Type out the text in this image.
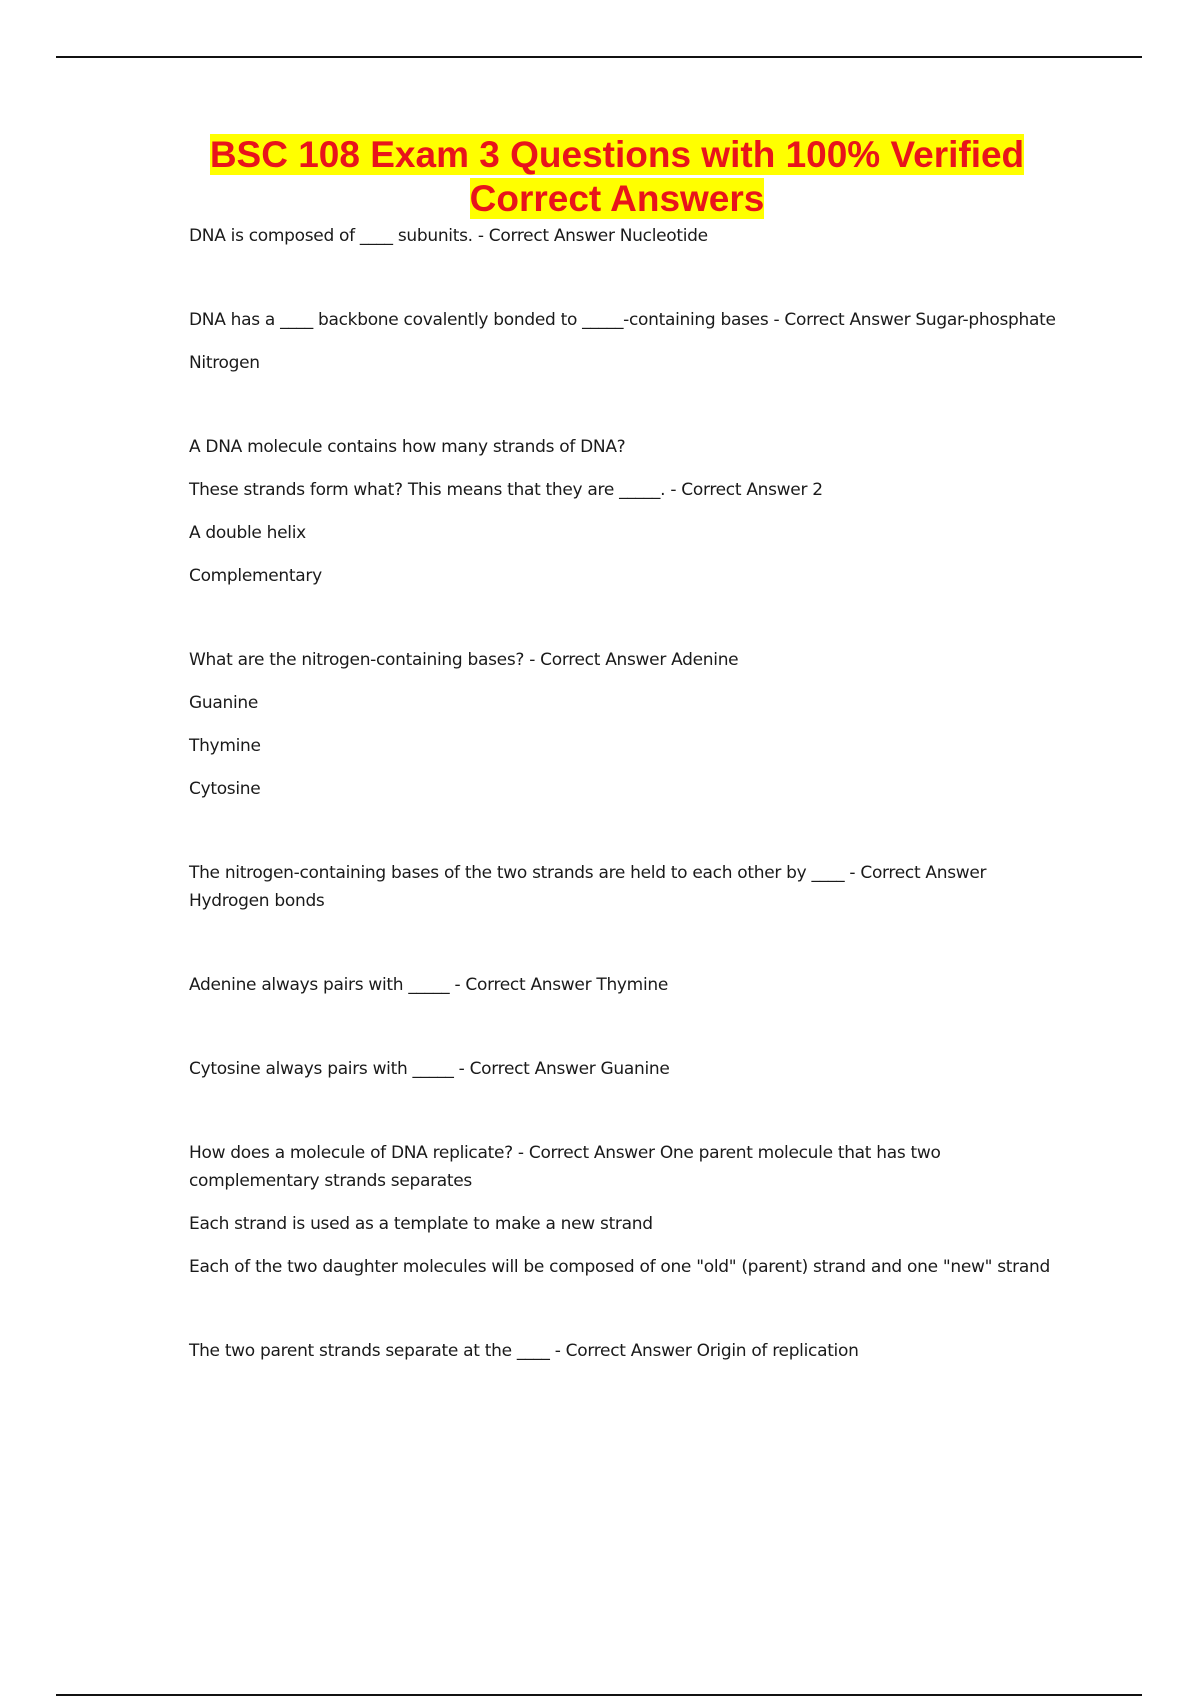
BSC 108 Exam 3 Questions with 100% Verified Correct Answers

DNA is composed of ____ subunits. - Correct Answer Nucleotide

DNA has a ____ backbone covalently bonded to _____-containing bases - Correct Answer Sugar-phosphate

Nitrogen

A DNA molecule contains how many strands of DNA?

These strands form what? This means that they are _____. - Correct Answer 2

A double helix

Complementary

What are the nitrogen-containing bases? - Correct Answer Adenine

Guanine

Thymine

Cytosine

The nitrogen-containing bases of the two strands are held to each other by ____ - Correct Answer Hydrogen bonds

Adenine always pairs with _____ - Correct Answer Thymine

Cytosine always pairs with _____ - Correct Answer Guanine

How does a molecule of DNA replicate? - Correct Answer One parent molecule that has two complementary strands separates

Each strand is used as a template to make a new strand

Each of the two daughter molecules will be composed of one "old" (parent) strand and one "new" strand

The two parent strands separate at the ____ - Correct Answer Origin of replication
